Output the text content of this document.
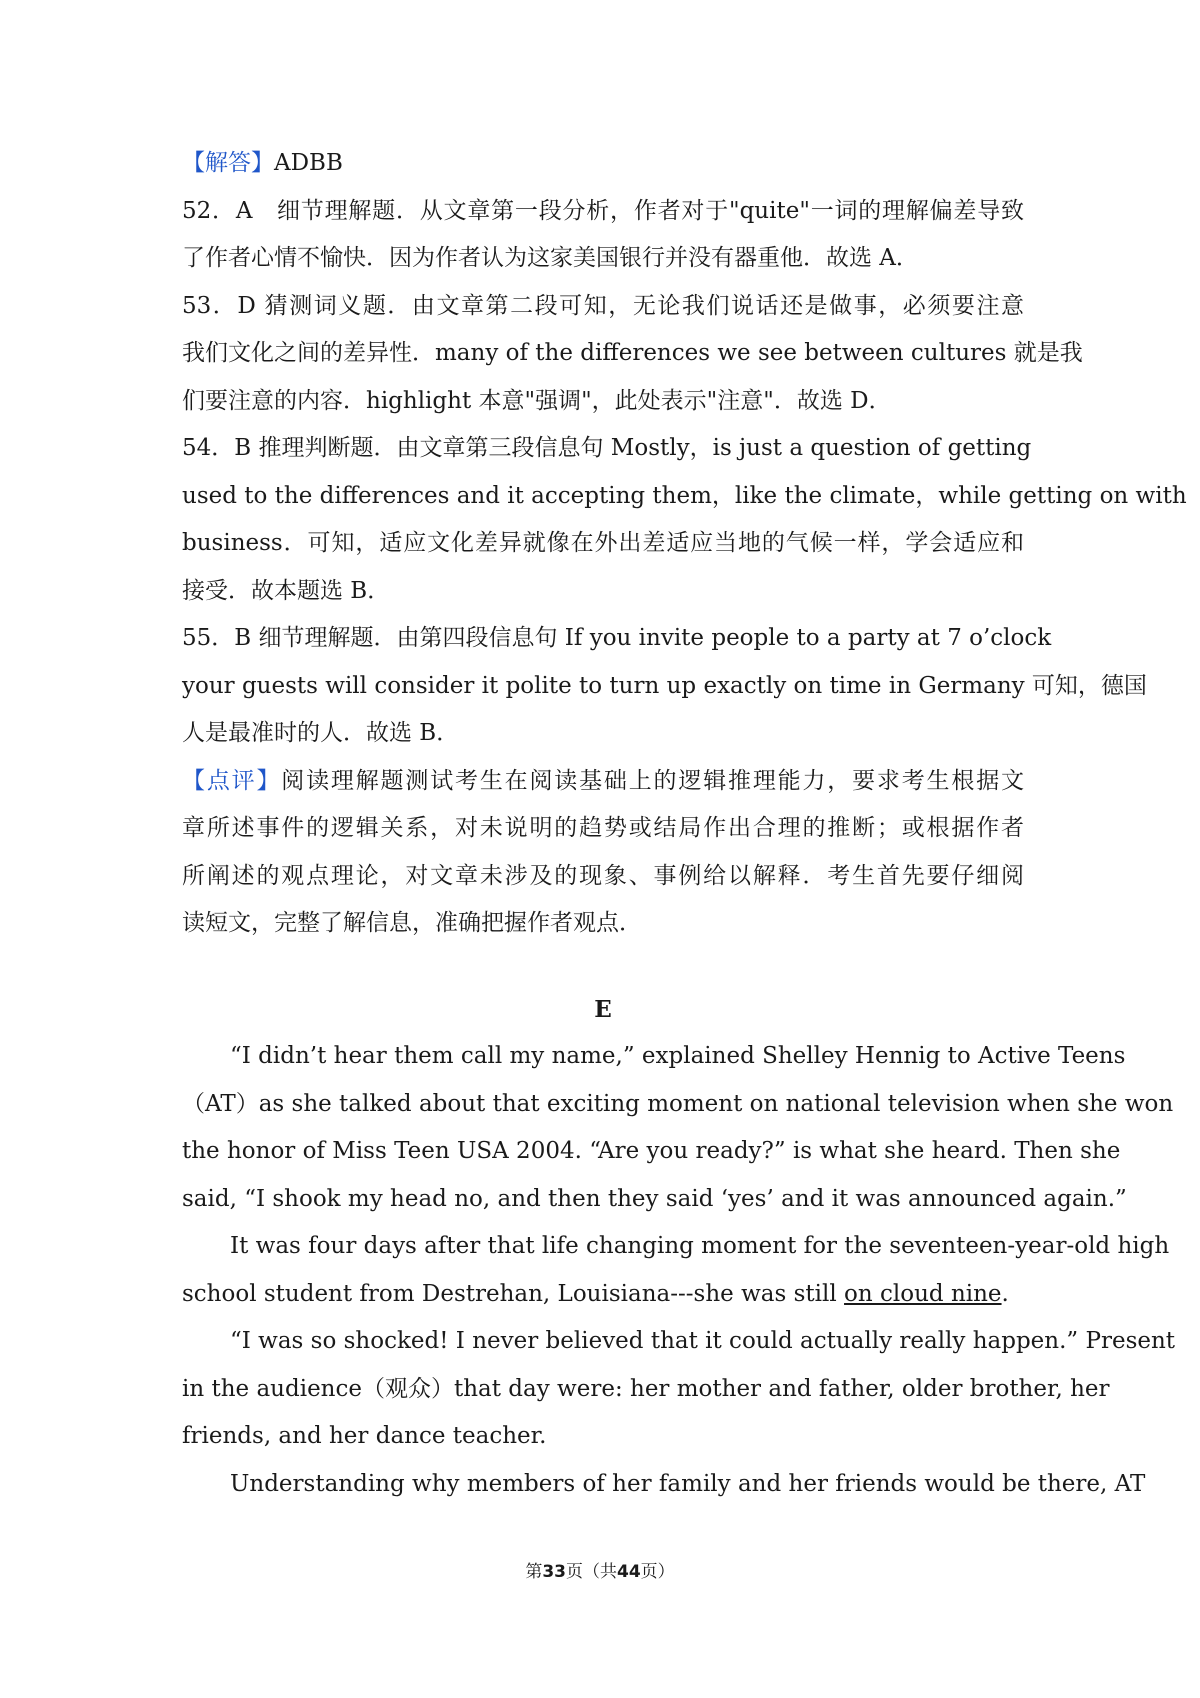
【解答】ADBB
52．A　细节理解题．从文章第一段分析，作者对于"quite"一词的理解偏差导致
了作者心情不愉快．因为作者认为这家美国银行并没有器重他．故选 A．
53．D 猜测词义题．由文章第二段可知，无论我们说话还是做事，必须要注意
我们文化之间的差异性．many of the differences we see between cultures 就是我
们要注意的内容．highlight 本意"强调"，此处表示"注意"．故选 D．
54．B 推理判断题．由文章第三段信息句 Mostly，is just a question of getting
used to the differences and it accepting them，like the climate，while getting on with
business．可知，适应文化差异就像在外出差适应当地的气候一样，学会适应和
接受．故本题选 B．
55．B 细节理解题．由第四段信息句 If you invite people to a party at 7 o’clock
your guests will consider it polite to turn up exactly on time in Germany 可知，德国
人是最准时的人．故选 B．
【点评】阅读理解题测试考生在阅读基础上的逻辑推理能力，要求考生根据文
章所述事件的逻辑关系，对未说明的趋势或结局作出合理的推断；或根据作者
所阐述的观点理论，对文章未涉及的现象、事例给以解释．考生首先要仔细阅
读短文，完整了解信息，准确把握作者观点．
E
“I didn’t hear them call my name,” explained Shelley Hennig to Active Teens
（AT）as she talked about that exciting moment on national television when she won
the honor of Miss Teen USA 2004. “Are you ready?” is what she heard. Then she
said, “I shook my head no, and then they said ‘yes’ and it was announced again.”
It was four days after that life changing moment for the seventeen-year-old high
school student from Destrehan, Louisiana---she was still on cloud nine.
“I was so shocked! I never believed that it could actually really happen.” Present
in the audience（观众）that day were: her mother and father, older brother, her
friends, and her dance teacher.
Understanding why members of her family and her friends would be there, AT
第33页（共44页）
